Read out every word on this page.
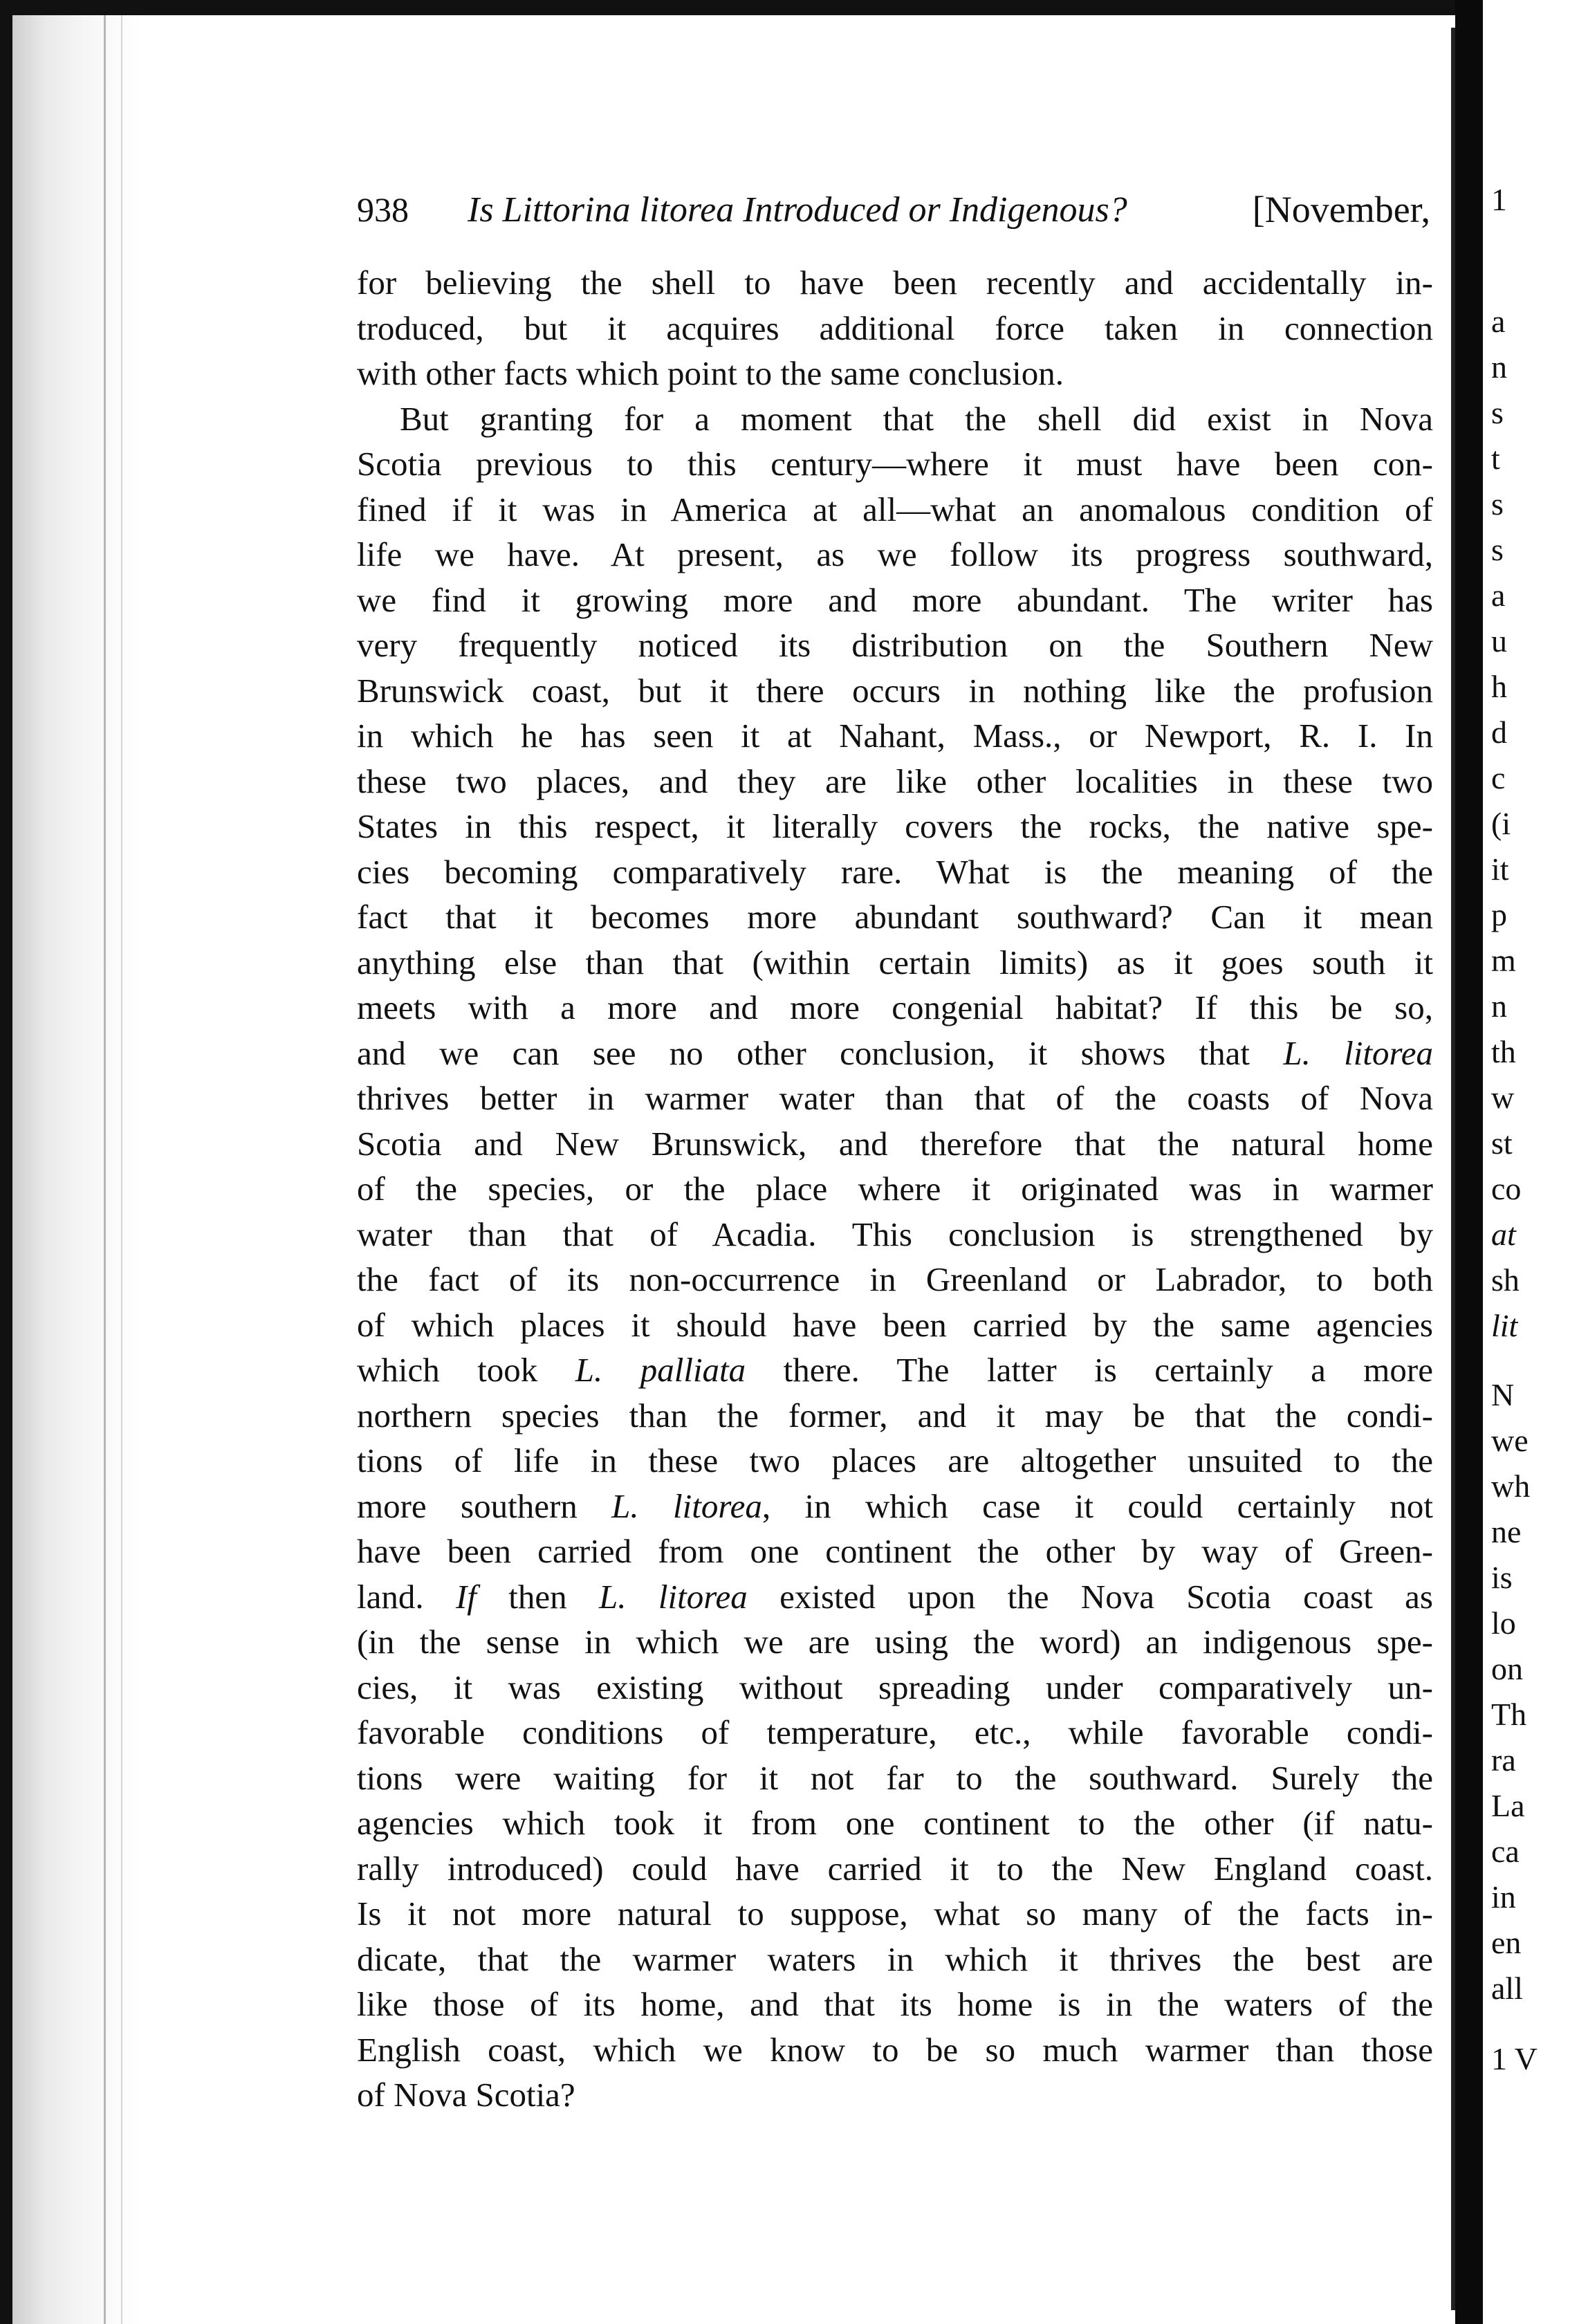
938 Is Littorina litorea Introduced or Indigenous?	[November,
for believing the shell to have been recently and accidentally in-
troduced, but it acquires additional force taken in connection
with other facts which point to the same conclusion.
But granting for a moment that the shell did exist in Nova
Scotia previous to this century—where it must have been con-
fined if it was in America at all—what an anomalous condition of
life we have. At present, as we follow its progress southward,
we find it growing more and more abundant. The writer has
very frequently noticed its distribution on the Southern New
Brunswick coast, but it there occurs in nothing like the profusion
in which he has seen it at Nahant, Mass., or Newport, R. I. In
these two places, and they are like other localities in these two
States in this respect, it literally covers the rocks, the native spe-
cies becoming comparatively rare. What is the meaning of the
fact that it becomes more abundant southward? Can it mean
anything else than that (within certain limits) as it goes south it
meets with a more and more congenial habitat? If this be so,
and we can see no other conclusion, it shows that L. litorea
thrives better in warmer water than that of the coasts of Nova
Scotia and New Brunswick, and therefore that the natural home
of the species, or the place where it originated was in warmer
water than that of Acadia. This conclusion is strengthened by
the fact of its non-occurrence in Greenland or Labrador, to both
of which places it should have been carried by the same agencies
which took L. palliata there. The latter is certainly a more
northern species than the former, and it may be that the condi-
tions of life in these two places are altogether unsuited to the
more southern L. litorea, in which case it could certainly not
have been carried from one continent the other by way of Green-
land. If then L. litorea existed upon the Nova Scotia coast as
(in the sense in which we are using the word) an indigenous spe-
cies, it was existing without spreading under comparatively un-
favorable conditions of temperature, etc., while favorable condi-
tions were waiting for it not far to the southward. Surely the
agencies which took it from one continent to the other (if natu-
rally introduced) could have carried it to the New England coast.
Is it not more natural to suppose, what so many of the facts in-
dicate, that the warmer waters in which it thrives the best are
like those of its home, and that its home is in the waters of the
English coast, which we know to be so much warmer than those
of Nova Scotia?
1
a
n
s
t
s
s
a
u
h
d
c
(i
it
p
m
n
th
w
st
co
at
sh
lit
N
we
wh
ne
is
lo
on
Th
ra
La
ca
in
en
all
1 V
